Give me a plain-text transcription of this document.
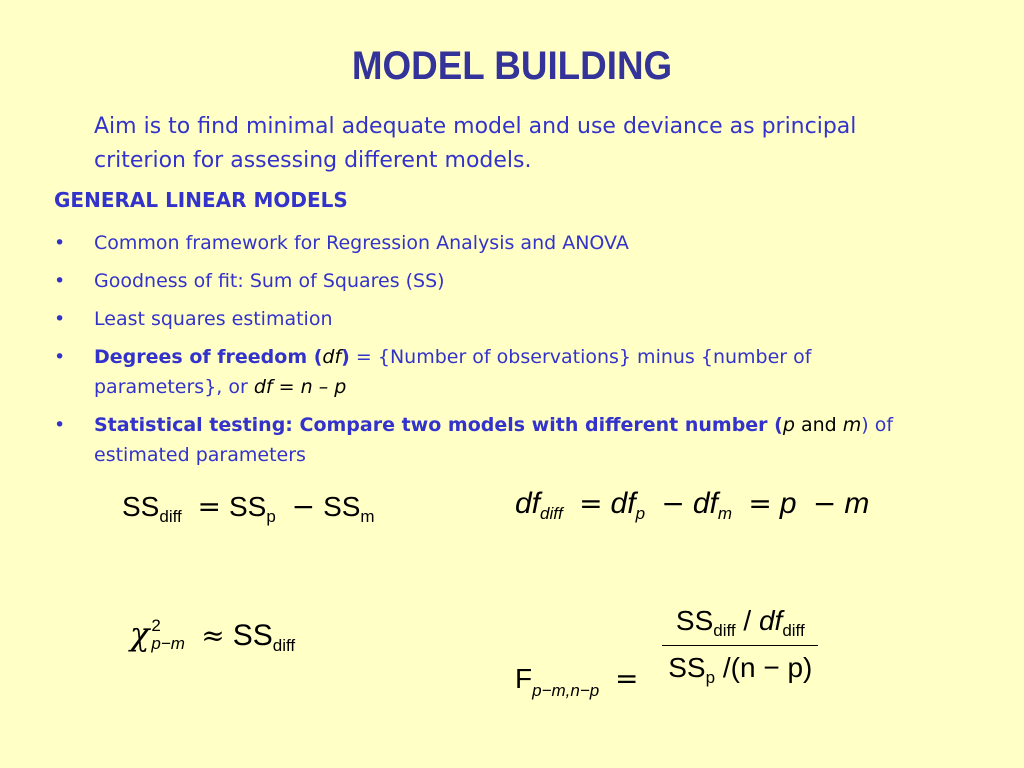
MODEL BUILDING
Aim is to find minimal adequate model and use deviance as principal criterion for assessing different models.
GENERAL LINEAR MODELS
•	Common framework for Regression Analysis and ANOVA
•	Goodness of fit: Sum of Squares (SS)
•	Least squares estimation
•	Degrees of freedom (df) = {Number of observations} minus {number of parameters}, or df = n – p
•	Statistical testing: Compare two models with different number (p and m) of estimated parameters
$SS_{diff} = SS_p - SS_m$	$df_{diff} = df_p - df_m = p - m$
χ 2
$p-m \approx SS_{diff}$
$F_{p-m,n-p} = \frac{SS_{diff} / df_{diff}}{SS_p /(n - p)}$
